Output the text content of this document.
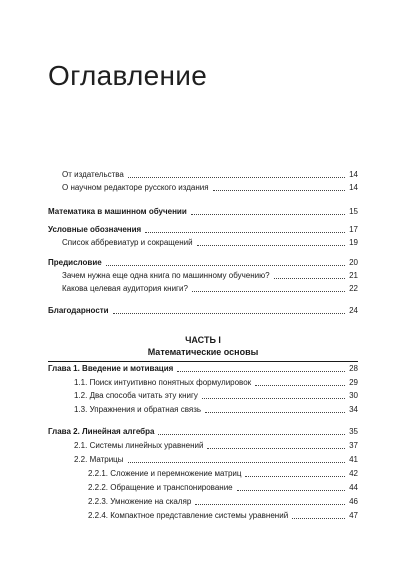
Оглавление
От издательства	14
О научном редакторе русского издания	14
Математика в машинном обучении	15
Условные обозначения	17
Список аббревиатур и сокращений	19
Предисловие	20
Зачем нужна еще одна книга по машинному обучению?	21
Какова целевая аудитория книги?	22
Благодарности	24
ЧАСТЬ I
Математические основы
Глава 1. Введение и мотивация	28
1.1. Поиск интуитивно понятных формулировок	29
1.2. Два способа читать эту книгу	30
1.3. Упражнения и обратная связь	34
Глава 2. Линейная алгебра	35
2.1. Системы линейных уравнений	37
2.2. Матрицы	41
2.2.1. Сложение и перемножение матриц	42
2.2.2. Обращение и транспонирование	44
2.2.3. Умножение на скаляр	46
2.2.4. Компактное представление системы уравнений	47
